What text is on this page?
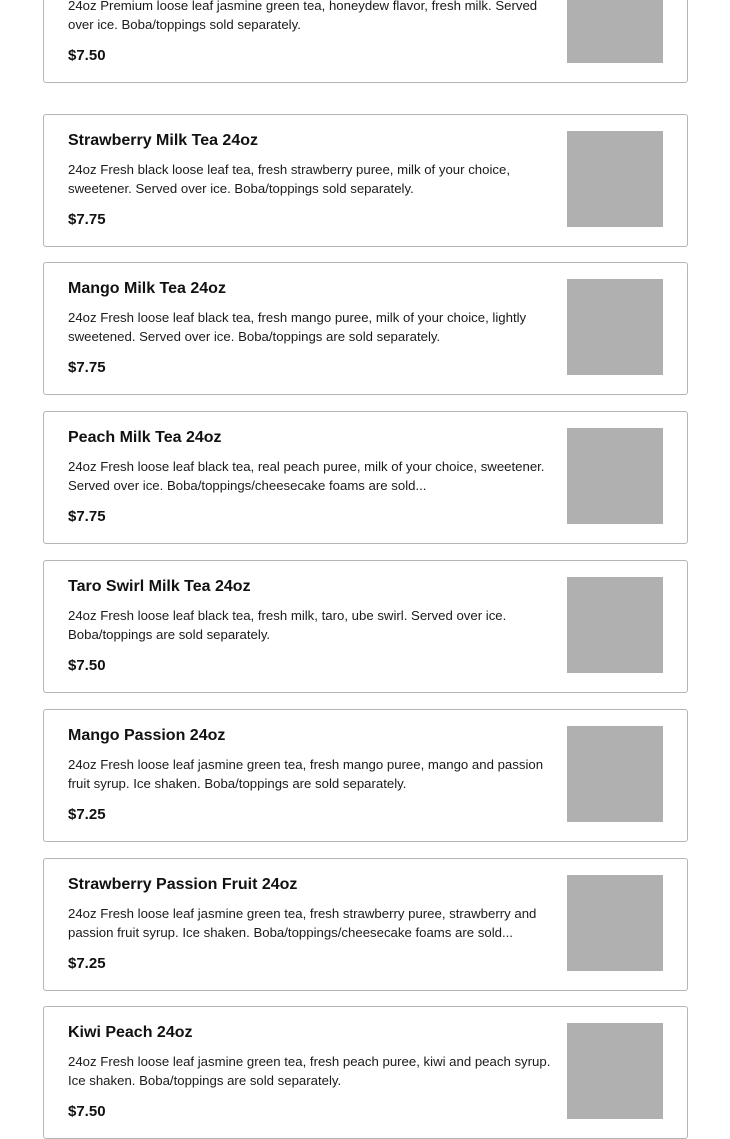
24oz Premium loose leaf jasmine green tea, honeydew flavor, fresh milk. Served over ice. Boba/toppings sold separately.
$7.50
Strawberry Milk Tea 24oz
24oz Fresh black loose leaf tea, fresh strawberry puree, milk of your choice, sweetener. Served over ice. Boba/toppings sold separately.
$7.75
Mango Milk Tea 24oz
24oz Fresh loose leaf black tea, fresh mango puree, milk of your choice, lightly sweetened. Served over ice. Boba/toppings are sold separately.
$7.75
Peach Milk Tea 24oz
24oz Fresh loose leaf black tea, real peach puree, milk of your choice, sweetener. Served over ice. Boba/toppings/cheesecake foams are sold...
$7.75
Taro Swirl Milk Tea 24oz
24oz Fresh loose leaf black tea, fresh milk, taro, ube swirl. Served over ice. Boba/toppings are sold separately.
$7.50
Mango Passion 24oz
24oz Fresh loose leaf jasmine green tea, fresh mango puree, mango and passion fruit syrup. Ice shaken. Boba/toppings are sold separately.
$7.25
Strawberry Passion Fruit 24oz
24oz Fresh loose leaf jasmine green tea, fresh strawberry puree, strawberry and passion fruit syrup. Ice shaken. Boba/toppings/cheesecake foams are sold...
$7.25
Kiwi Peach 24oz
24oz Fresh loose leaf jasmine green tea, fresh peach puree, kiwi and peach syrup. Ice shaken. Boba/toppings are sold separately.
$7.50
